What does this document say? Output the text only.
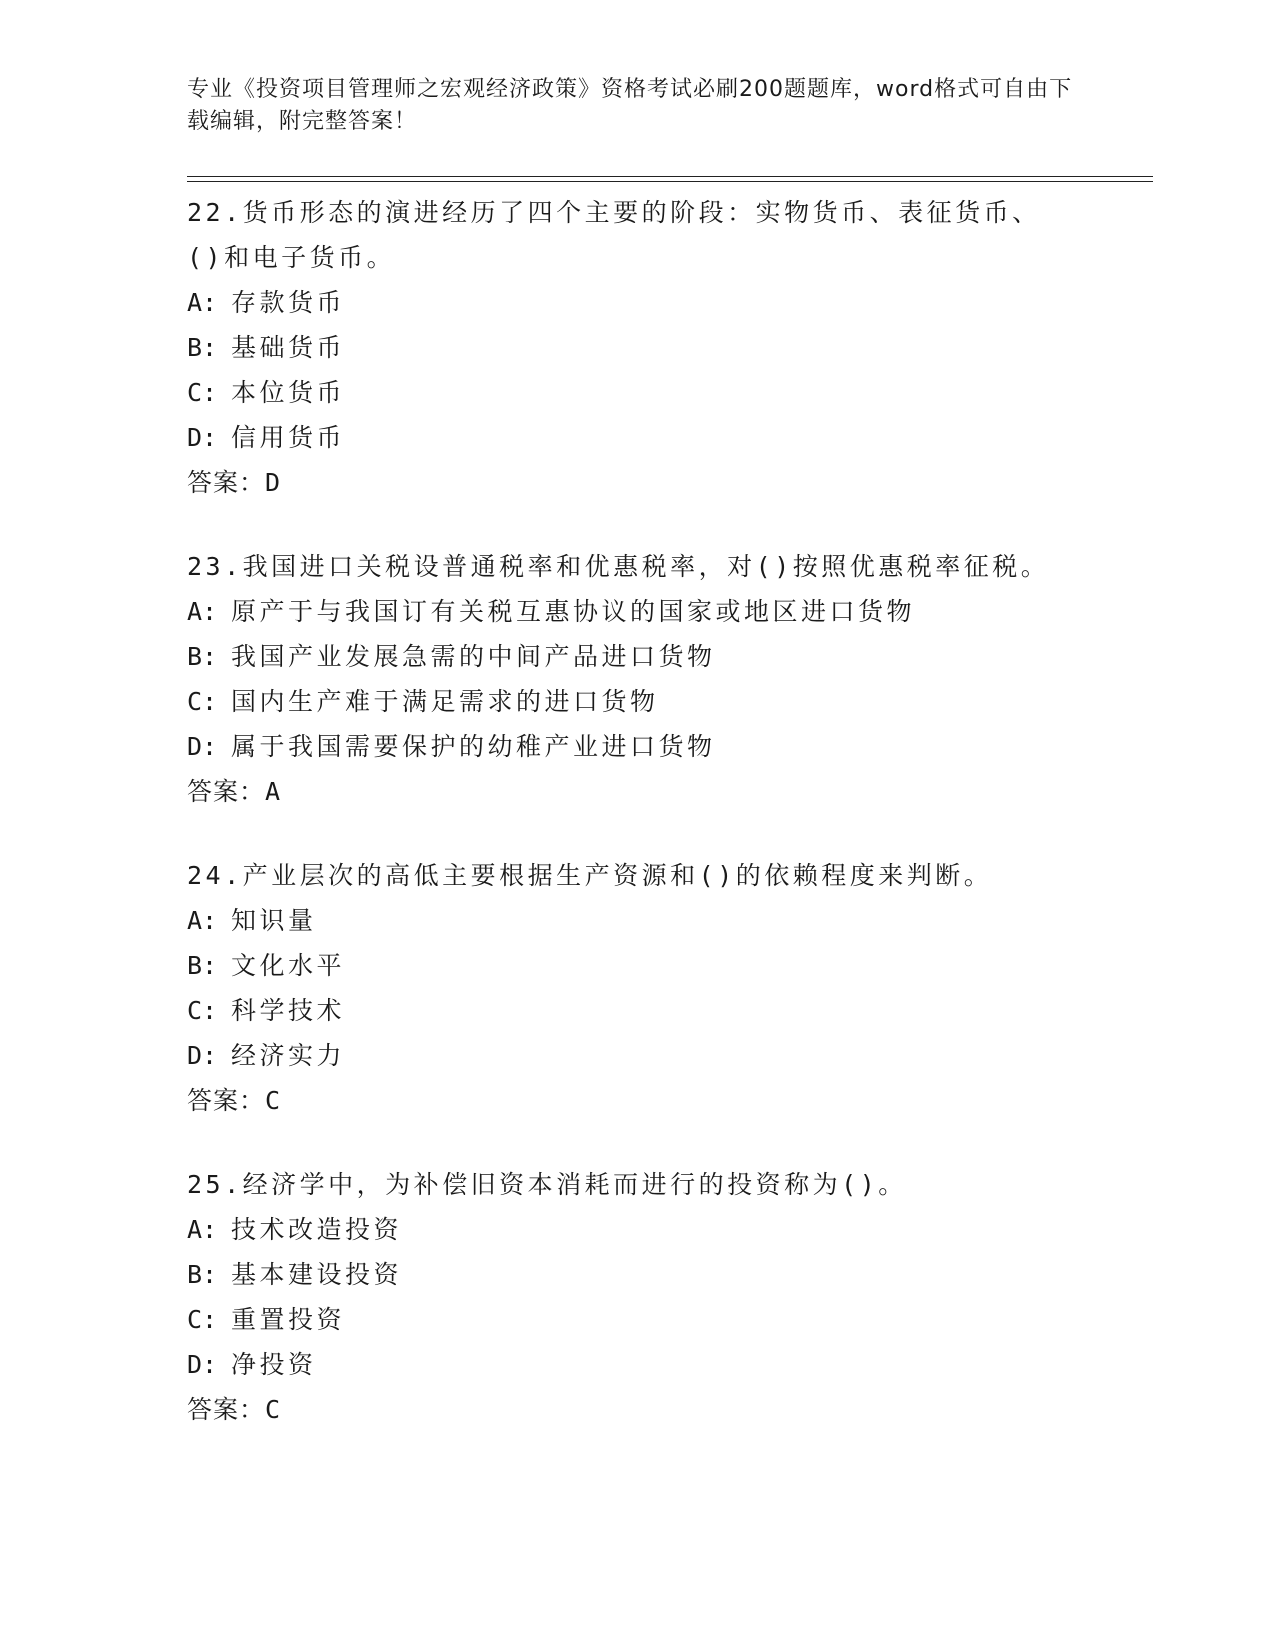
专业《投资项目管理师之宏观经济政策》资格考试必刷200题题库，word格式可自由下载编辑，附完整答案！
22.货币形态的演进经历了四个主要的阶段：实物货币、表征货币、()和电子货币。
A: 存款货币
B: 基础货币
C: 本位货币
D: 信用货币
答案：D
23.我国进口关税设普通税率和优惠税率，对()按照优惠税率征税。
A: 原产于与我国订有关税互惠协议的国家或地区进口货物
B: 我国产业发展急需的中间产品进口货物
C: 国内生产难于满足需求的进口货物
D: 属于我国需要保护的幼稚产业进口货物
答案：A
24.产业层次的高低主要根据生产资源和()的依赖程度来判断。
A: 知识量
B: 文化水平
C: 科学技术
D: 经济实力
答案：C
25.经济学中，为补偿旧资本消耗而进行的投资称为()。
A: 技术改造投资
B: 基本建设投资
C: 重置投资
D: 净投资
答案：C
